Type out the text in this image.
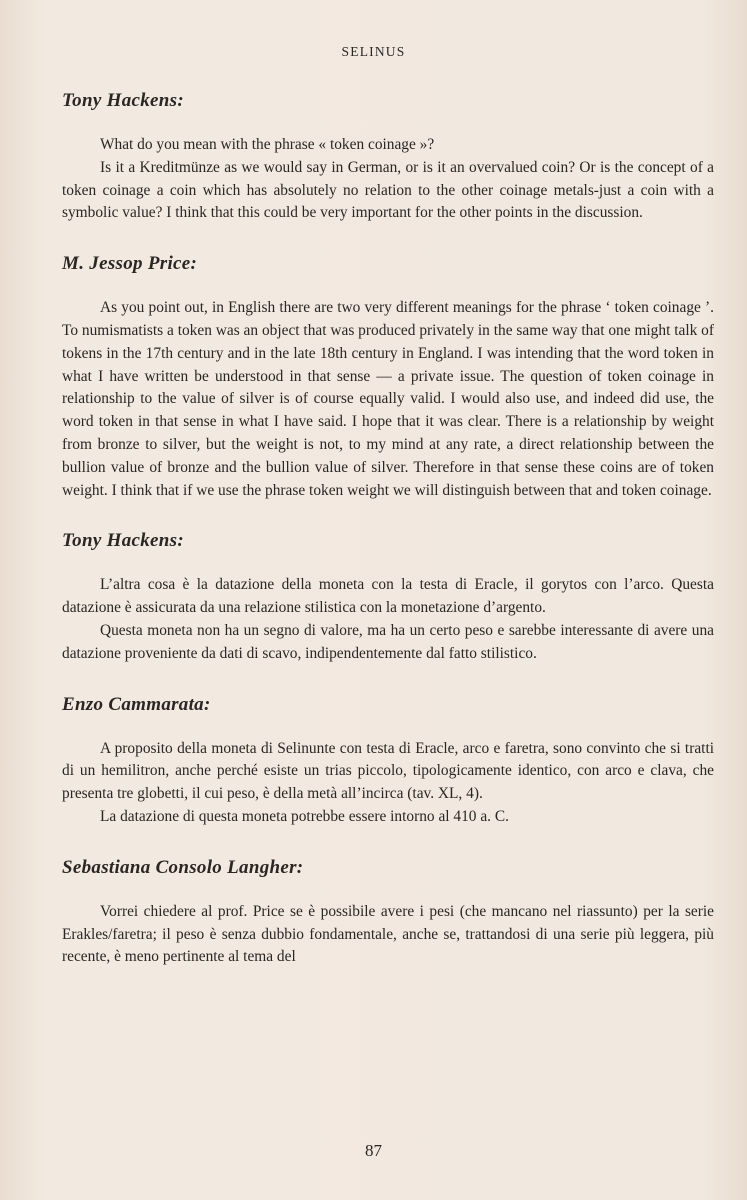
SELINUS
Tony Hackens:

What do you mean with the phrase « token coinage »?

Is it a Kreditmünze as we would say in German, or is it an overvalued coin? Or is the concept of a token coinage a coin which has absolutely no relation to the other coinage metals-just a coin with a symbolic value? I think that this could be very important for the other points in the discussion.

M. Jessop Price:

As you point out, in English there are two very different meanings for the phrase ‘ token coinage ’. To numismatists a token was an object that was produced privately in the same way that one might talk of tokens in the 17th century and in the late 18th century in England. I was intending that the word token in what I have written be understood in that sense — a private issue. The question of token coinage in relationship to the value of silver is of course equally valid. I would also use, and indeed did use, the word token in that sense in what I have said. I hope that it was clear. There is a relationship by weight from bronze to silver, but the weight is not, to my mind at any rate, a direct relationship between the bullion value of bronze and the bullion value of silver. Therefore in that sense these coins are of token weight. I think that if we use the phrase token weight we will distinguish between that and token coinage.

Tony Hackens:

L’altra cosa è la datazione della moneta con la testa di Eracle, il gorytos con l’arco. Questa datazione è assicurata da una relazione stilistica con la monetazione d’argento.

Questa moneta non ha un segno di valore, ma ha un certo peso e sarebbe interessante di avere una datazione proveniente da dati di scavo, indipendentemente dal fatto stilistico.

Enzo Cammarata:

A proposito della moneta di Selinunte con testa di Eracle, arco e faretra, sono convinto che si tratti di un hemilitron, anche perché esiste un trias piccolo, tipologicamente identico, con arco e clava, che presenta tre globetti, il cui peso, è della metà all’incirca (tav. XL, 4).

La datazione di questa moneta potrebbe essere intorno al 410 a. C.

Sebastiana Consolo Langher:

Vorrei chiedere al prof. Price se è possibile avere i pesi (che mancano nel riassunto) per la serie Erakles/faretra; il peso è senza dubbio fondamentale, anche se, trattandosi di una serie più leggera, più recente, è meno pertinente al tema del

87
